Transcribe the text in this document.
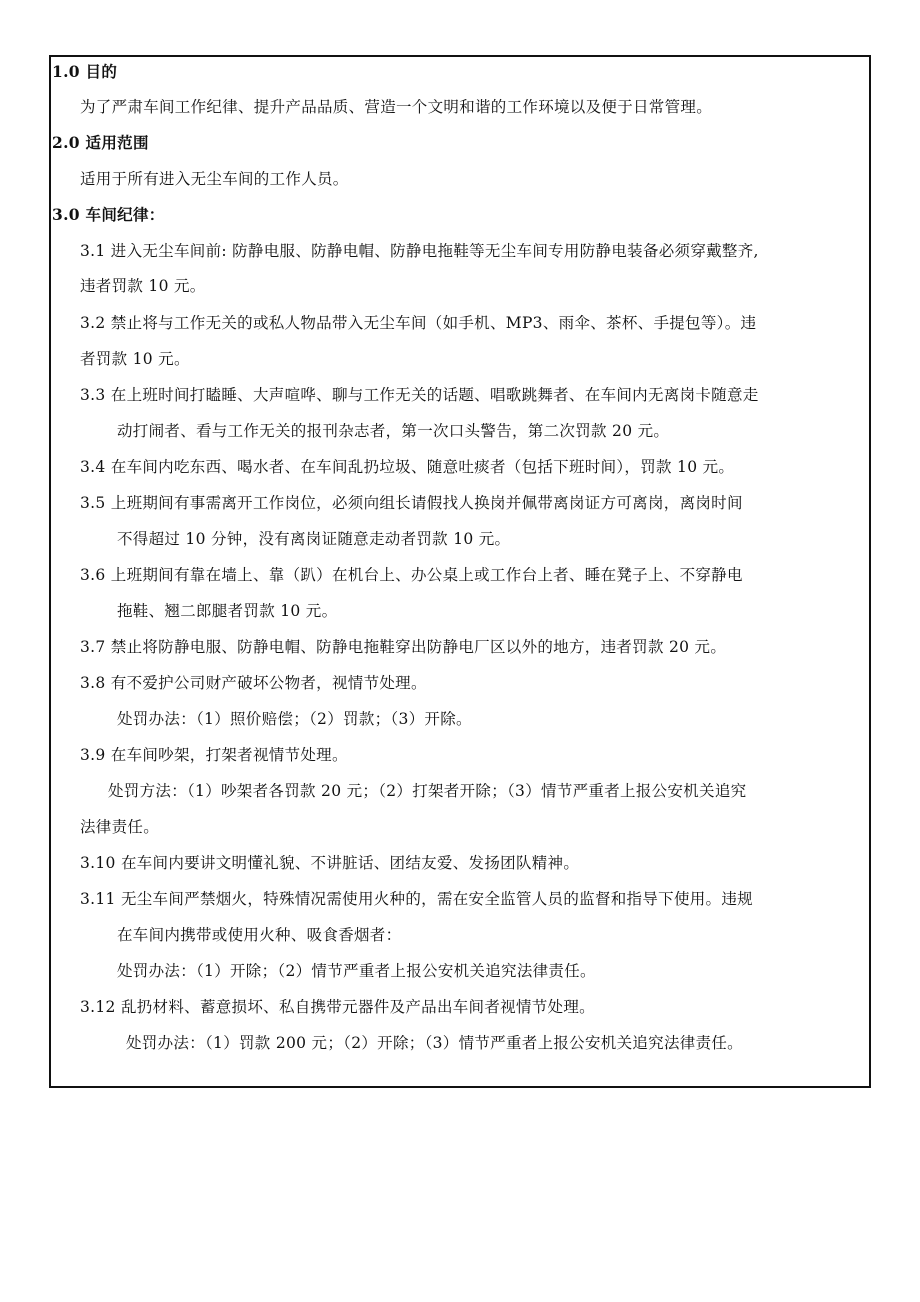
1.0 目的
为了严肃车间工作纪律、提升产品品质、营造一个文明和谐的工作环境以及便于日常管理。
2.0 适用范围
适用于所有进入无尘车间的工作人员。
3.0 车间纪律：
3.1 进入无尘车间前: 防静电服、防静电帽、防静电拖鞋等无尘车间专用防静电装备必须穿戴整齐,
违者罚款 10 元。
3.2 禁止将与工作无关的或私人物品带入无尘车间（如手机、MP3、雨伞、茶杯、手提包等）。违
者罚款 10 元。
3.3 在上班时间打瞌睡、大声喧哗、聊与工作无关的话题、唱歌跳舞者、在车间内无离岗卡随意走
动打闹者、看与工作无关的报刊杂志者，第一次口头警告，第二次罚款 20 元。
3.4 在车间内吃东西、喝水者、在车间乱扔垃圾、随意吐痰者（包括下班时间），罚款 10 元。
3.5 上班期间有事需离开工作岗位，必须向组长请假找人换岗并佩带离岗证方可离岗，离岗时间
不得超过 10 分钟，没有离岗证随意走动者罚款 10 元。
3.6 上班期间有靠在墙上、靠（趴）在机台上、办公桌上或工作台上者、睡在凳子上、不穿静电
拖鞋、翘二郎腿者罚款 10 元。
3.7 禁止将防静电服、防静电帽、防静电拖鞋穿出防静电厂区以外的地方，违者罚款 20 元。
3.8 有不爱护公司财产破坏公物者，视情节处理。
处罚办法：（1）照价赔偿；（2）罚款；（3）开除。
3.9 在车间吵架，打架者视情节处理。
处罚方法：（1）吵架者各罚款 20 元；（2）打架者开除；（3）情节严重者上报公安机关追究
法律责任。
3.10 在车间内要讲文明懂礼貌、不讲脏话、团结友爱、发扬团队精神。
3.11 无尘车间严禁烟火，特殊情况需使用火种的，需在安全监管人员的监督和指导下使用。违规
在车间内携带或使用火种、吸食香烟者：
处罚办法：（1）开除；（2）情节严重者上报公安机关追究法律责任。
3.12 乱扔材料、蓄意损坏、私自携带元器件及产品出车间者视情节处理。
处罚办法：（1）罚款 200 元；（2）开除；（3）情节严重者上报公安机关追究法律责任。
